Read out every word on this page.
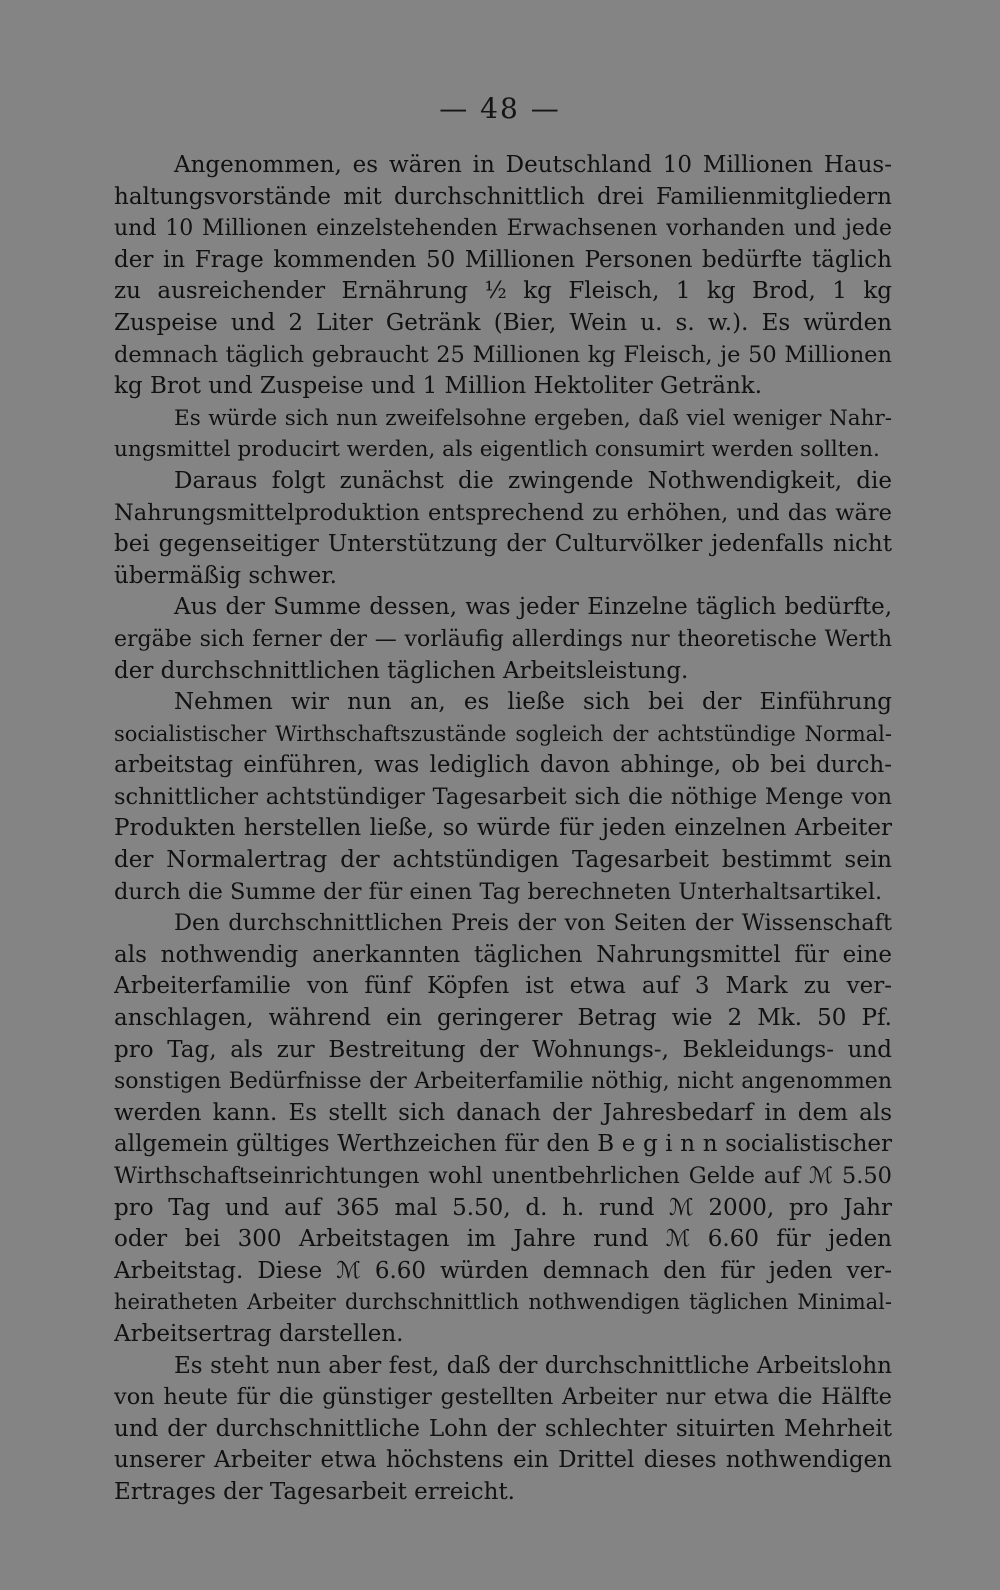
— 48 —
Angenommen, es wären in Deutschland 10 Millionen Haus-
haltungsvorstände mit durchschnittlich drei Familienmitgliedern
und 10 Millionen einzelstehenden Erwachsenen vorhanden und jede
der in Frage kommenden 50 Millionen Personen bedürfte täglich
zu ausreichender Ernährung ½ kg Fleisch, 1 kg Brod, 1 kg
Zuspeise und 2 Liter Getränk (Bier, Wein u. s. w.). Es würden
demnach täglich gebraucht 25 Millionen kg Fleisch, je 50 Millionen
kg Brot und Zuspeise und 1 Million Hektoliter Getränk.
Es würde sich nun zweifelsohne ergeben, daß viel weniger Nahr-
ungsmittel producirt werden, als eigentlich consumirt werden sollten.
Daraus folgt zunächst die zwingende Nothwendigkeit, die
Nahrungsmittelproduktion entsprechend zu erhöhen, und das wäre
bei gegenseitiger Unterstützung der Culturvölker jedenfalls nicht
übermäßig schwer.
Aus der Summe dessen, was jeder Einzelne täglich bedürfte,
ergäbe sich ferner der — vorläufig allerdings nur theoretische Werth
der durchschnittlichen täglichen Arbeitsleistung.
Nehmen wir nun an, es ließe sich bei der Einführung
socialistischer Wirthschaftszustände sogleich der achtstündige Normal-
arbeitstag einführen, was lediglich davon abhinge, ob bei durch-
schnittlicher achtstündiger Tagesarbeit sich die nöthige Menge von
Produkten herstellen ließe, so würde für jeden einzelnen Arbeiter
der Normalertrag der achtstündigen Tagesarbeit bestimmt sein
durch die Summe der für einen Tag berechneten Unterhaltsartikel.
Den durchschnittlichen Preis der von Seiten der Wissenschaft
als nothwendig anerkannten täglichen Nahrungsmittel für eine
Arbeiterfamilie von fünf Köpfen ist etwa auf 3 Mark zu ver-
anschlagen, während ein geringerer Betrag wie 2 Mk. 50 Pf.
pro Tag, als zur Bestreitung der Wohnungs-, Bekleidungs- und
sonstigen Bedürfnisse der Arbeiterfamilie nöthig, nicht angenommen
werden kann. Es stellt sich danach der Jahresbedarf in dem als
allgemein gültiges Werthzeichen für den B e g i n n socialistischer
Wirthschaftseinrichtungen wohl unentbehrlichen Gelde auf ℳ 5.50
pro Tag und auf 365 mal 5.50, d. h. rund ℳ 2000, pro Jahr
oder bei 300 Arbeitstagen im Jahre rund ℳ 6.60 für jeden
Arbeitstag. Diese ℳ 6.60 würden demnach den für jeden ver-
heiratheten Arbeiter durchschnittlich nothwendigen täglichen Minimal-
Arbeitsertrag darstellen.
Es steht nun aber fest, daß der durchschnittliche Arbeitslohn
von heute für die günstiger gestellten Arbeiter nur etwa die Hälfte
und der durchschnittliche Lohn der schlechter situirten Mehrheit
unserer Arbeiter etwa höchstens ein Drittel dieses nothwendigen
Ertrages der Tagesarbeit erreicht.
